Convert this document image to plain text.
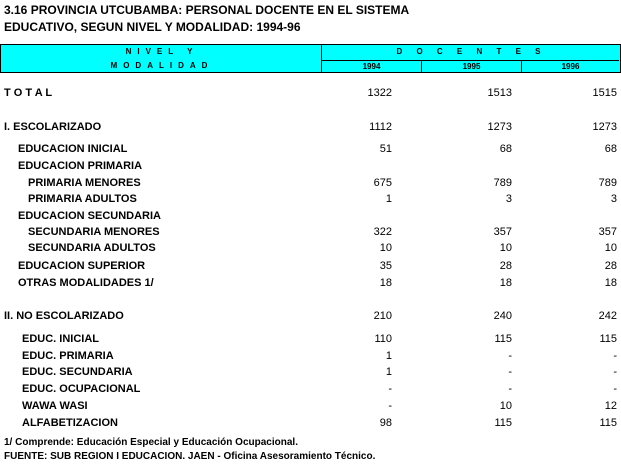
3.16 PROVINCIA UTCUBAMBA: PERSONAL DOCENTE EN EL SISTEMA
EDUCATIVO, SEGUN NIVEL Y MODALIDAD: 1994-96
NIVEL Y
MODALIDAD
D O C E N T E S
1994	1995	1996
T O T A L	1322	1513	1515
I. ESCOLARIZADO	1112	1273	1273
EDUCACION INICIAL	51	68	68
EDUCACION PRIMARIA
PRIMARIA MENORES	675	789	789
PRIMARIA ADULTOS	1	3	3
EDUCACION SECUNDARIA
SECUNDARIA MENORES	322	357	357
SECUNDARIA ADULTOS	10	10	10
EDUCACION SUPERIOR	35	28	28
OTRAS MODALIDADES 1/	18	18	18
II. NO ESCOLARIZADO	210	240	242
EDUC. INICIAL	110	115	115
EDUC. PRIMARIA	1	-	-
EDUC. SECUNDARIA	1	-	-
EDUC. OCUPACIONAL	-	-	-
WAWA WASI	-	10	12
ALFABETIZACION	98	115	115
1/ Comprende: Educación Especial y Educación Ocupacional.
FUENTE: SUB REGION I EDUCACION. JAEN - Oficina Asesoramiento Técnico.
